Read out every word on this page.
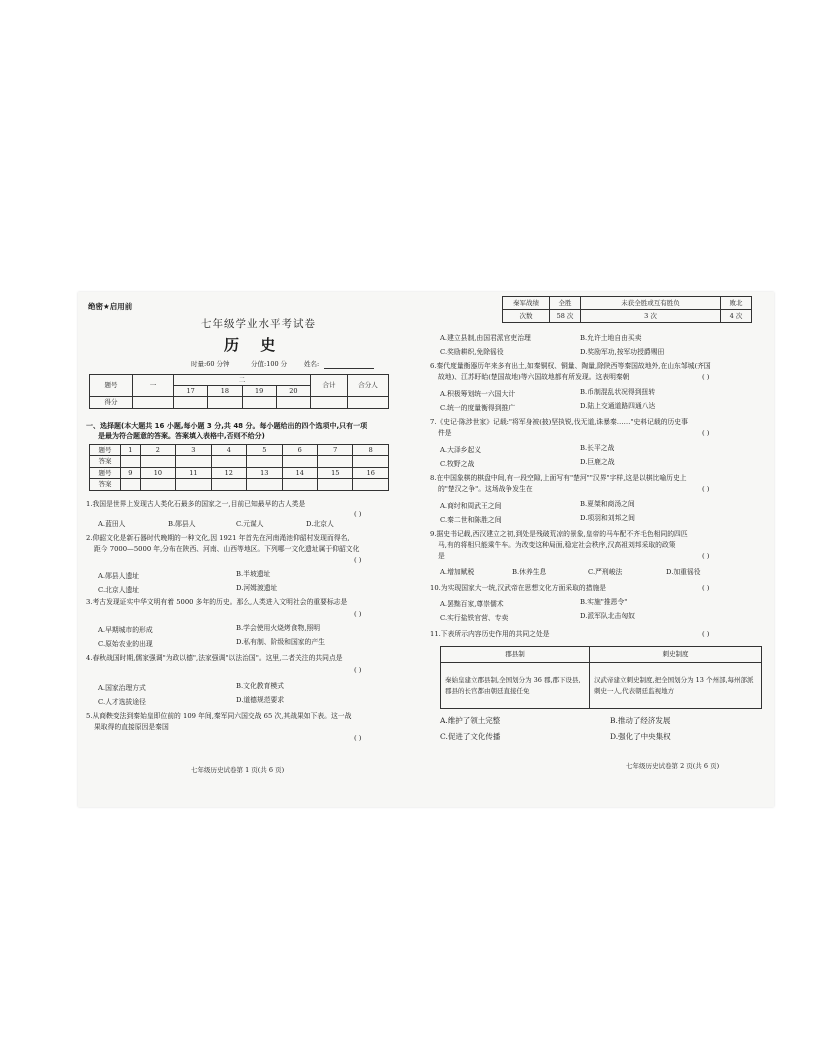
绝密★启用前
七年级学业水平考试卷
历 史
时量:60 分钟	分值:100 分	姓名:
题号	一	二				合计	合分人
		17	18	19	20		
得分							
一、选择题(本大题共 16 小题,每小题 3 分,共 48 分。每小题给出的四个选项中,只有一项
是最为符合题意的答案。答案填入表格中,否则不给分)
题号	1	2	3	4	5	6	7	8
答案								
题号	9	10	11	12	13	14	15	16
答案								
1.我国是世界上发现古人类化石最多的国家之一,目前已知最早的古人类是
( )
A.蓝田人	B.郧县人	C.元谋人	D.北京人
2.仰韶文化是新石器时代晚期的一种文化,因 1921 年首先在河南渑池仰韶村发现而得名,
距今 7000—5000 年,分布在陕西、河南、山西等地区。下列哪一文化遗址属于仰韶文化
( )
A.郧县人遗址	B.半坡遗址
C.北京人遗址	D.河姆渡遗址
3.考古发现证实中华文明有着 5000 多年的历史。那么,人类进入文明社会的重要标志是
( )
A.早期城市的形成	B.学会使用火烧烤食物,照明
C.原始农业的出现	D.私有制、阶级和国家的产生
4.春秋战国时期,儒家强调"为政以德",法家强调"以法治国"。这里,二者关注的共同点是
( )
A.国家治理方式	B.文化教育模式
C.人才选拔途径	D.道德规范要求
5.从商鞅变法到秦始皇即位前的 109 年间,秦军同六国交战 65 次,其战果如下表。这一战
果取得的直接原因是秦国
( )
七年级历史试卷第 1 页(共 6 页)
秦军战绩	全胜	未获全胜或互有胜负	败北
次数	58 次	3 次	4 次
A.建立县制,由国君派官吏治理	B.允许土地自由买卖
C.奖励耕织,免除徭役	D.奖励军功,按军功授爵赐田
6.秦代度量衡器历年来多有出土,如秦铜权、铜量、陶量,除陕西等秦国故地外,在山东邹城(齐国
故地)、江苏盱眙(楚国故地)等六国故地都有所发现。这表明秦朝	( )
A.积极筹划统一六国大计	B.币制混乱状况得到扭转
C.统一的度量衡得到推广	D.陆上交通道路四通八达
7.《史记·陈涉世家》记载:"将军身被(披)坚执锐,伐无道,诛暴秦……"史料记载的历史事
件是	( )
A.大泽乡起义	B.长平之战
C.牧野之战	D.巨鹿之战
8.在中国象棋的棋盘中间,有一段空隙,上面写有"楚河""汉界"字样,这是以棋比喻历史上
的"楚汉之争"。这场战争发生在	( )
A.商纣和周武王之间	B.夏桀和商汤之间
C.秦二世和陈胜之间	D.项羽和刘邦之间
9.据史书记载,西汉建立之初,到处是残破荒凉的景象,皇帝的马车配不齐毛色相同的四匹
马,有的将相只能乘牛车。为改变这种局面,稳定社会秩序,汉高祖刘邦采取的政策
是	( )
A.增加赋税	B.休养生息	C.严刑峻法	D.加重徭役
10.为实现国家大一统,汉武帝在思想文化方面采取的措施是	( )
A.罢黜百家,尊崇儒术	B.实施"推恩令"
C.实行盐铁官营、专卖	D.派军队北击匈奴
11.下表所示内容历史作用的共同之处是	( )
郡县制	刺史制度
秦始皇建立郡县制,全国划分为 36 郡,郡下设县,郡县的长官都由朝廷直接任免	汉武帝建立刺史制度,把全国划分为 13 个州部,每州部派刺史一人,代表朝廷监视地方
A.维护了领土完整	B.推动了经济发展
C.促进了文化传播	D.强化了中央集权
七年级历史试卷第 2 页(共 6 页)
